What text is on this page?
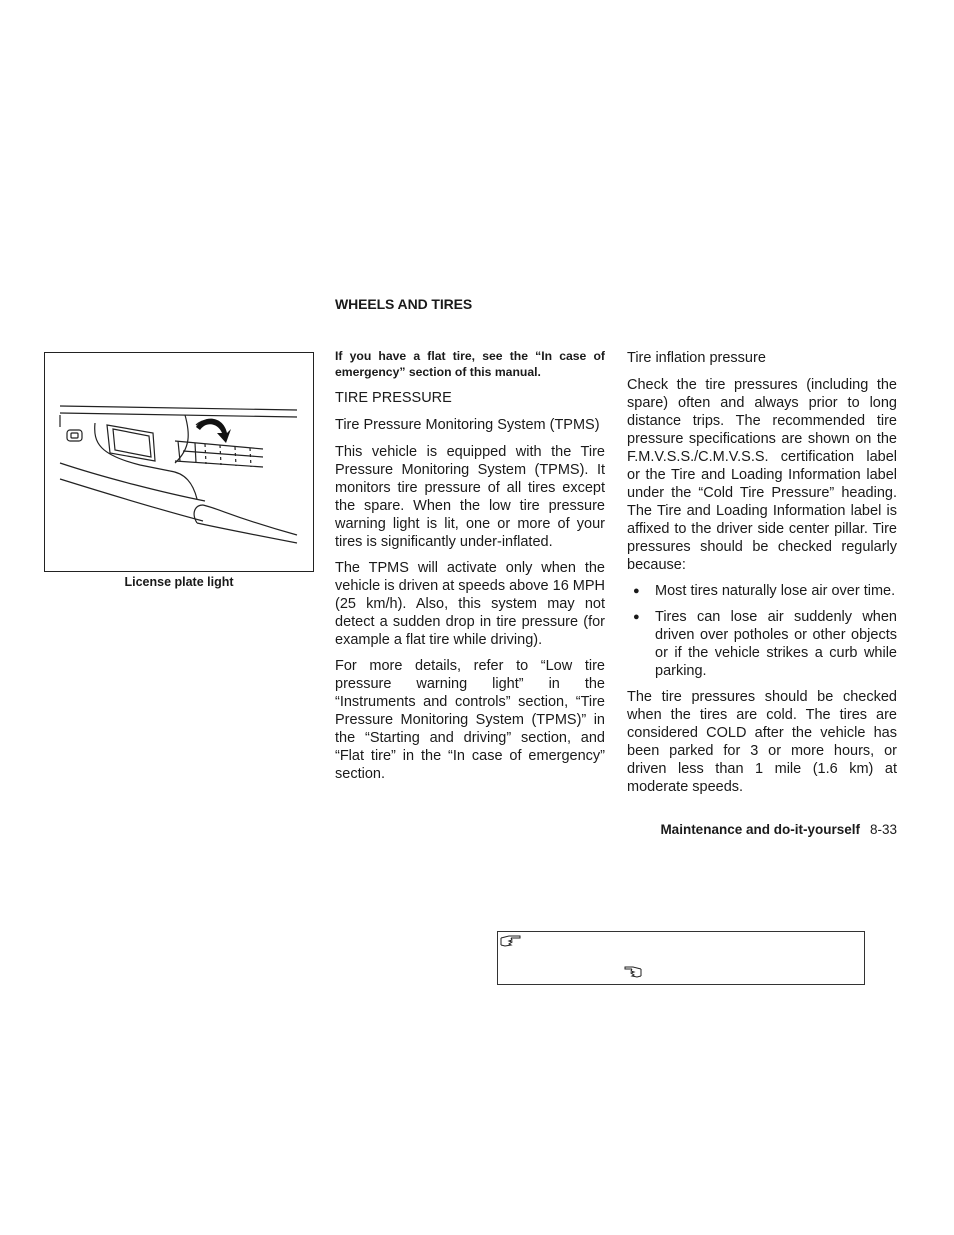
WHEELS AND TIRES
License plate light

If you have a flat tire, see the “In case of emergency” section of this manual.

TIRE PRESSURE

Tire Pressure Monitoring System (TPMS)

This vehicle is equipped with the Tire Pressure Monitoring System (TPMS). It monitors tire pressure of all tires except the spare. When the low tire pressure warning light is lit, one or more of your tires is significantly under-inflated.

The TPMS will activate only when the vehicle is driven at speeds above 16 MPH (25 km/h). Also, this system may not detect a sudden drop in tire pressure (for example a flat tire while driving).

For more details, refer to “Low tire pressure warning light” in the “Instruments and controls” section, “Tire Pressure Monitoring System (TPMS)” in the “Starting and driving” section, and “Flat tire” in the “In case of emergency” section.

Tire inflation pressure

Check the tire pressures (including the spare) often and always prior to long distance trips. The recommended tire pressure specifications are shown on the F.M.V.S.S./C.M.V.S.S. certification label or the Tire and Loading Information label under the “Cold Tire Pressure” heading. The Tire and Loading Information label is affixed to the driver side center pillar. Tire pressures should be checked regularly because:

●	Most tires naturally lose air over time.
●	Tires can lose air suddenly when driven over potholes or other objects or if the vehicle strikes a curb while parking.

The tire pressures should be checked when the tires are cold. The tires are considered COLD after the vehicle has been parked for 3 or more hours, or driven less than 1 mile (1.6 km) at moderate speeds.

Maintenance and do-it-yourself 8-33
